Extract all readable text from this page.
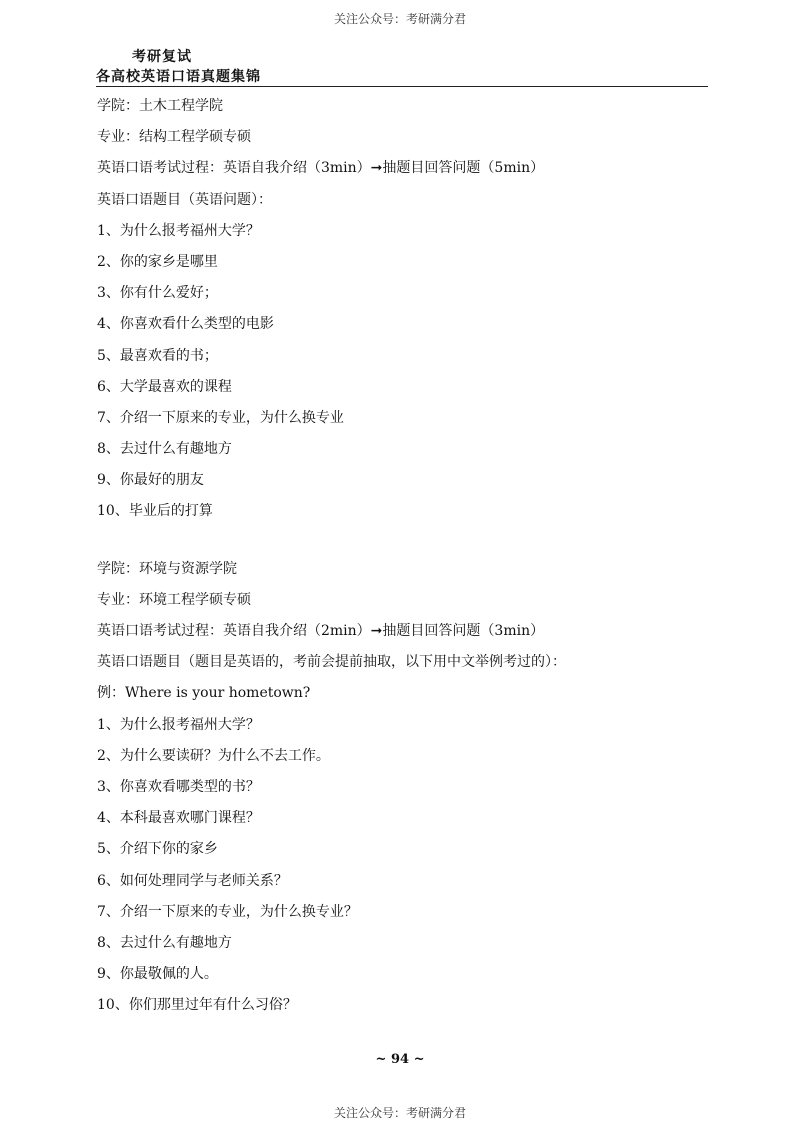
关注公众号：考研满分君
考研复试
各高校英语口语真题集锦
学院：土木工程学院
专业：结构工程学硕专硕
英语口语考试过程：英语自我介绍（3min）➞抽题目回答问题（5min）
英语口语题目（英语问题）：
1、为什么报考福州大学？
2、你的家乡是哪里
3、你有什么爱好；
4、你喜欢看什么类型的电影
5、最喜欢看的书；
6、大学最喜欢的课程
7、介绍一下原来的专业，为什么换专业
8、去过什么有趣地方
9、你最好的朋友
10、毕业后的打算
学院：环境与资源学院
专业：环境工程学硕专硕
英语口语考试过程：英语自我介绍（2min）➞抽题目回答问题（3min）
英语口语题目（题目是英语的，考前会提前抽取，以下用中文举例考过的）：
例：Where is your hometown?
1、为什么报考福州大学？
2、为什么要读研？为什么不去工作。
3、你喜欢看哪类型的书？
4、本科最喜欢哪门课程？
5、介绍下你的家乡
6、如何处理同学与老师关系？
7、介绍一下原来的专业，为什么换专业？
8、去过什么有趣地方
9、你最敬佩的人。
10、你们那里过年有什么习俗？
~ 94 ~
关注公众号：考研满分君
